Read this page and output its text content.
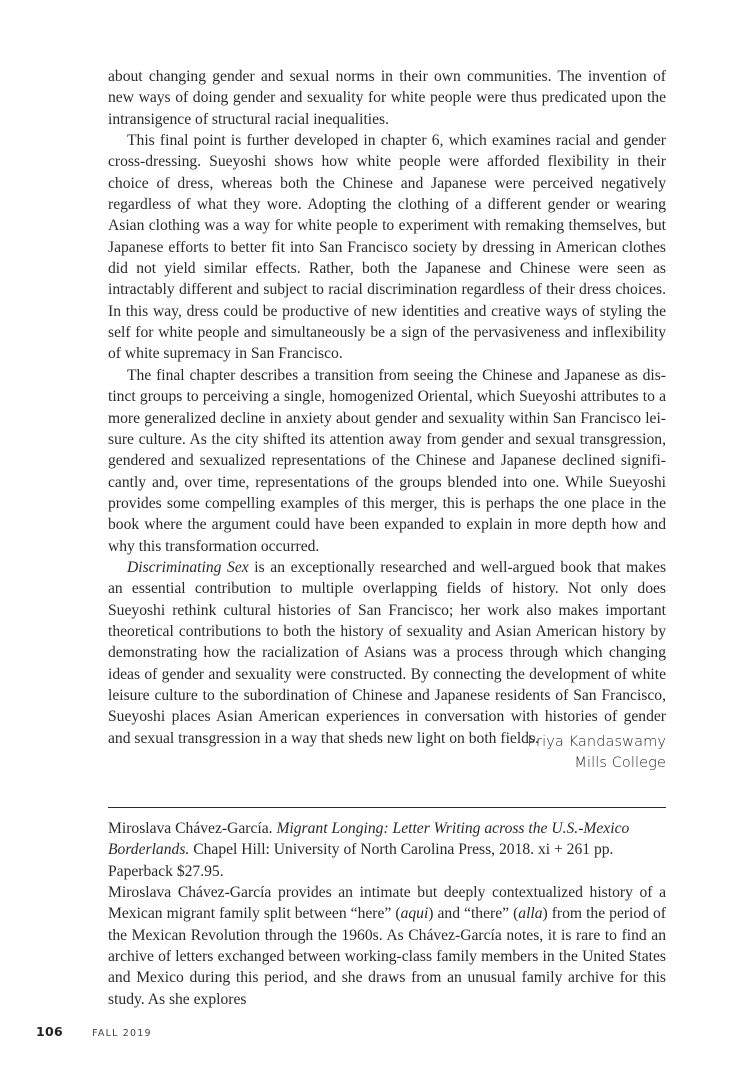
about changing gender and sexual norms in their own communities. The invention of new ways of doing gender and sexuality for white people were thus predicated upon the intransigence of structural racial inequalities.

This final point is further developed in chapter 6, which examines racial and gender cross-dressing. Sueyoshi shows how white people were afforded flexibility in their choice of dress, whereas both the Chinese and Japanese were perceived negatively regardless of what they wore. Adopting the clothing of a different gender or wearing Asian clothing was a way for white people to experiment with remaking themselves, but Japanese efforts to better fit into San Francisco society by dressing in American clothes did not yield similar effects. Rather, both the Japanese and Chinese were seen as intractably different and subject to racial discrimination regardless of their dress choices. In this way, dress could be productive of new identities and creative ways of styling the self for white people and simultaneously be a sign of the pervasiveness and inflexibility of white supremacy in San Francisco.

The final chapter describes a transition from seeing the Chinese and Japanese as distinct groups to perceiving a single, homogenized Oriental, which Sueyoshi attributes to a more generalized decline in anxiety about gender and sexuality within San Francisco leisure culture. As the city shifted its attention away from gender and sexual transgression, gendered and sexualized representations of the Chinese and Japanese declined significantly and, over time, representations of the groups blended into one. While Sueyoshi provides some compelling examples of this merger, this is perhaps the one place in the book where the argument could have been expanded to explain in more depth how and why this transformation occurred.

Discriminating Sex is an exceptionally researched and well-argued book that makes an essential contribution to multiple overlapping fields of history. Not only does Sueyoshi rethink cultural histories of San Francisco; her work also makes important theoretical contributions to both the history of sexuality and Asian American history by demonstrating how the racialization of Asians was a process through which changing ideas of gender and sexuality were constructed. By connecting the development of white leisure culture to the subordination of Chinese and Japanese residents of San Francisco, Sueyoshi places Asian American experiences in conversation with histories of gender and sexual transgression in a way that sheds new light on both fields.

Priya Kandaswamy
Mills College

Miroslava Chávez-García. Migrant Longing: Letter Writing across the U.S.-Mexico Borderlands. Chapel Hill: University of North Carolina Press, 2018. xi + 261 pp. Paperback $27.95.

Miroslava Chávez-García provides an intimate but deeply contextualized history of a Mexican migrant family split between “here” (aqui) and “there” (alla) from the period of the Mexican Revolution through the 1960s. As Chávez-García notes, it is rare to find an archive of letters exchanged between working-class family members in the United States and Mexico during this period, and she draws from an unusual family archive for this study. As she explores

106	FALL 2019
